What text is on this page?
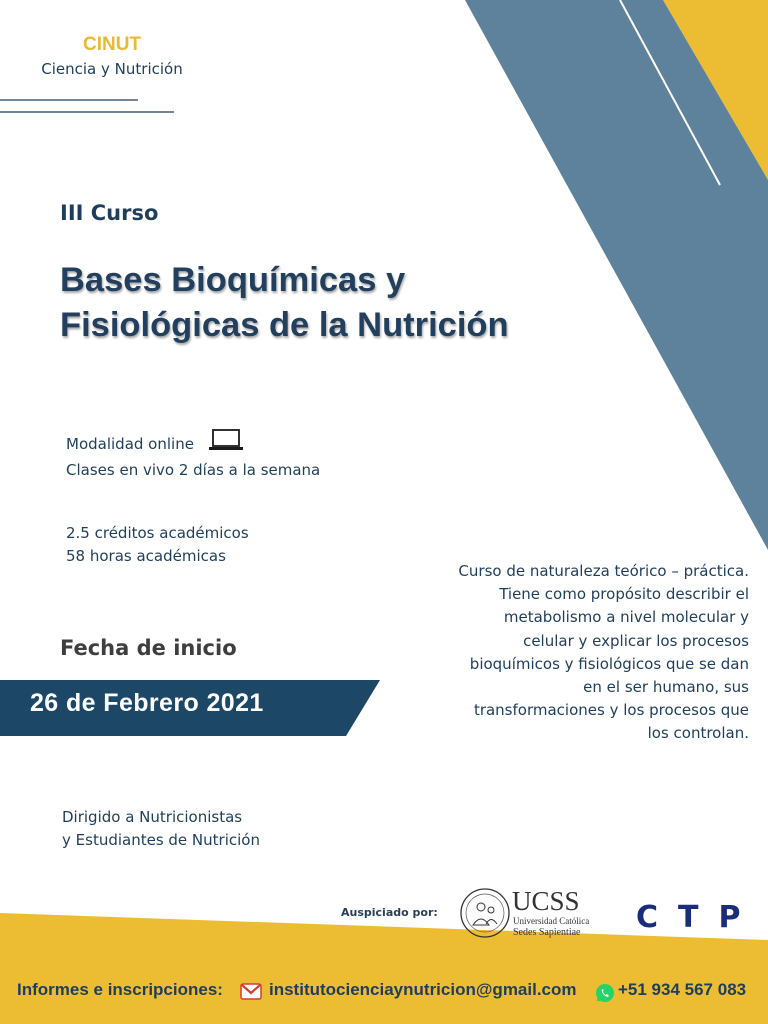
CINUT
Ciencia y Nutrición
III Curso
Bases Bioquímicas y
Fisiológicas de la Nutrición
Modalidad online
Clases en vivo 2 días a la semana
2.5 créditos académicos
58 horas académicas
Fecha de inicio
26 de Febrero 2021
Curso de naturaleza teórico – práctica.
Tiene como propósito describir el
metabolismo a nivel molecular y
celular y explicar los procesos
bioquímicos y fisiológicos que se dan
en el ser humano, sus
transformaciones y los procesos que
los controlan.
Dirigido a Nutricionistas
y Estudiantes de Nutrición
Auspiciado por:	UCSS
Universidad Católica
Sedes Sapientiae CTP
Informes e inscripciones:	institutocienciaynutricion@gmail.com +51 934 567 083
